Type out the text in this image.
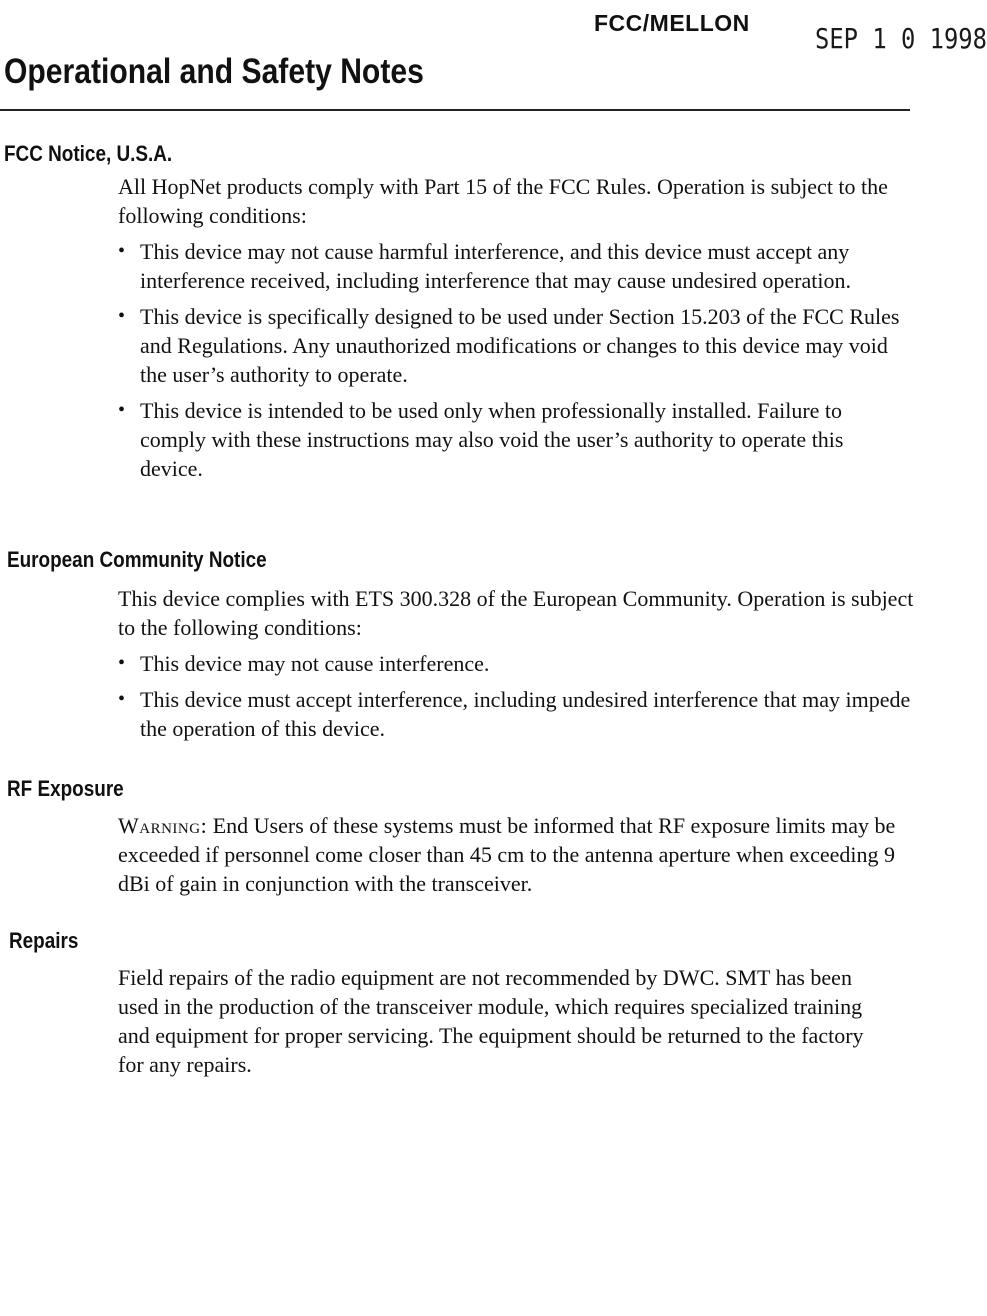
FCC/MELLON SEP 1 0 1998
Operational and Safety Notes
FCC Notice, U.S.A.

All HopNet products comply with Part 15 of the FCC Rules. Operation is subject to the following conditions:

• This device may not cause harmful interference, and this device must accept any interference received, including interference that may cause undesired operation.
• This device is specifically designed to be used under Section 15.203 of the FCC Rules and Regulations. Any unauthorized modifications or changes to this device may void the user’s authority to operate.
• This device is intended to be used only when professionally installed. Failure to comply with these instructions may also void the user’s authority to operate this device.
European Community Notice

This device complies with ETS 300.328 of the European Community. Operation is subject to the following conditions:

• This device may not cause interference.
• This device must accept interference, including undesired interference that may impede the operation of this device.
RF Exposure

Warning: End Users of these systems must be informed that RF exposure limits may be exceeded if personnel come closer than 45 cm to the antenna aperture when exceeding 9 dBi of gain in conjunction with the transceiver.

Repairs

Field repairs of the radio equipment are not recommended by DWC. SMT has been used in the production of the transceiver module, which requires specialized training and equipment for proper servicing. The equipment should be returned to the factory for any repairs.
